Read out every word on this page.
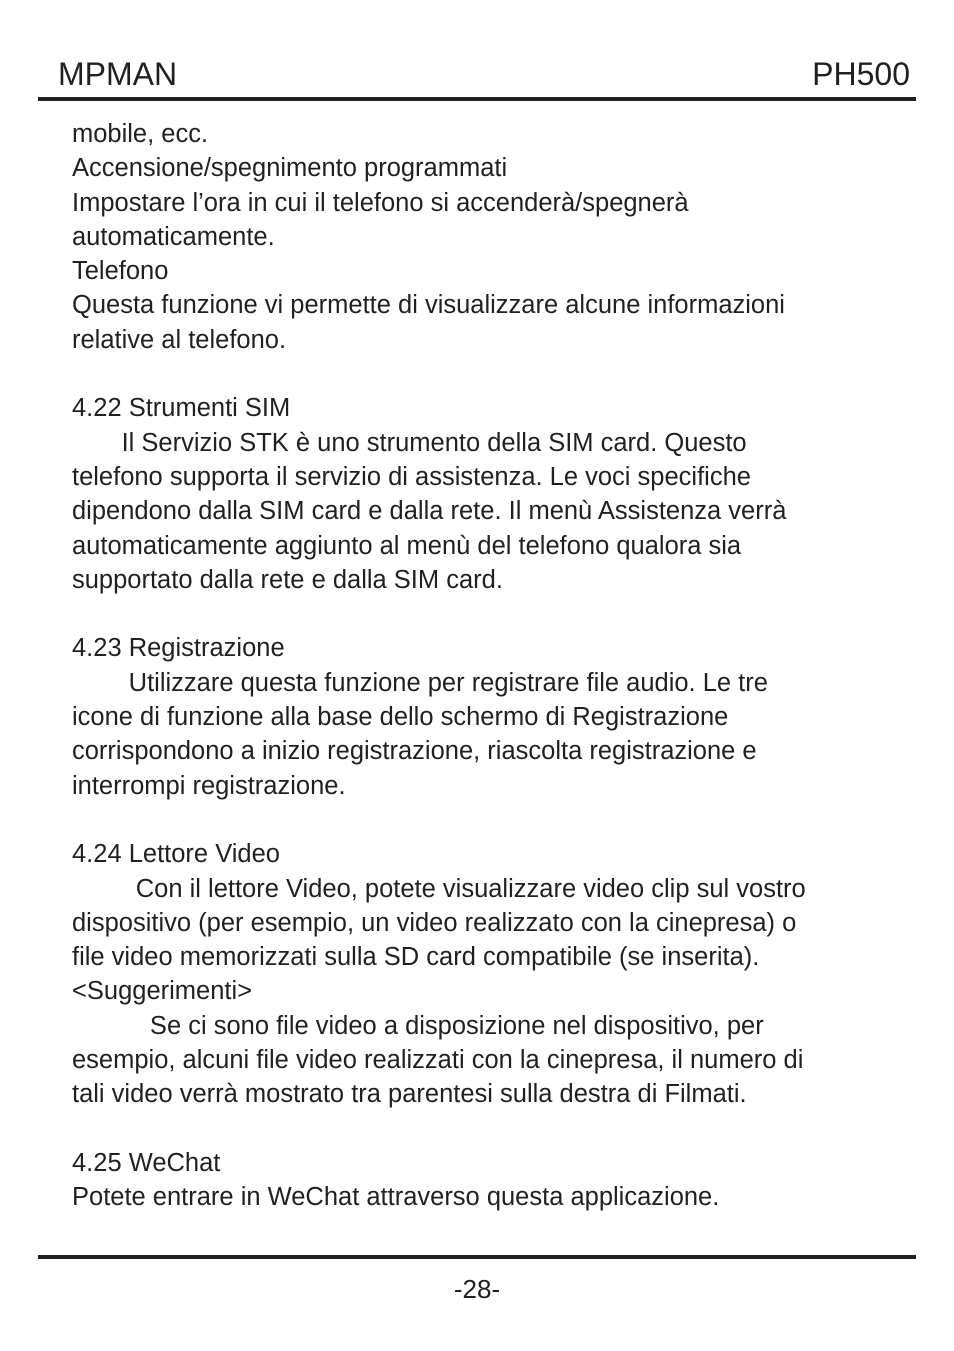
MPMAN	PH500
mobile, ecc.
Accensione/spegnimento programmati
Impostare l’ora in cui il telefono si accenderà/spegnerà
automaticamente.
Telefono
Questa funzione vi permette di visualizzare alcune informazioni
relative al telefono.
4.22 Strumenti SIM
Il Servizio STK è uno strumento della SIM card. Questo
telefono supporta il servizio di assistenza. Le voci specifiche
dipendono dalla SIM card e dalla rete. Il menù Assistenza verrà
automaticamente aggiunto al menù del telefono qualora sia
supportato dalla rete e dalla SIM card.
4.23 Registrazione
Utilizzare questa funzione per registrare file audio. Le tre
icone di funzione alla base dello schermo di Registrazione
corrispondono a inizio registrazione, riascolta registrazione e
interrompi registrazione.
4.24 Lettore Video
Con il lettore Video, potete visualizzare video clip sul vostro
dispositivo (per esempio, un video realizzato con la cinepresa) o
file video memorizzati sulla SD card compatibile (se inserita).
<Suggerimenti>
Se ci sono file video a disposizione nel dispositivo, per
esempio, alcuni file video realizzati con la cinepresa, il numero di
tali video verrà mostrato tra parentesi sulla destra di Filmati.
4.25 WeChat
Potete entrare in WeChat attraverso questa applicazione.
-28-
